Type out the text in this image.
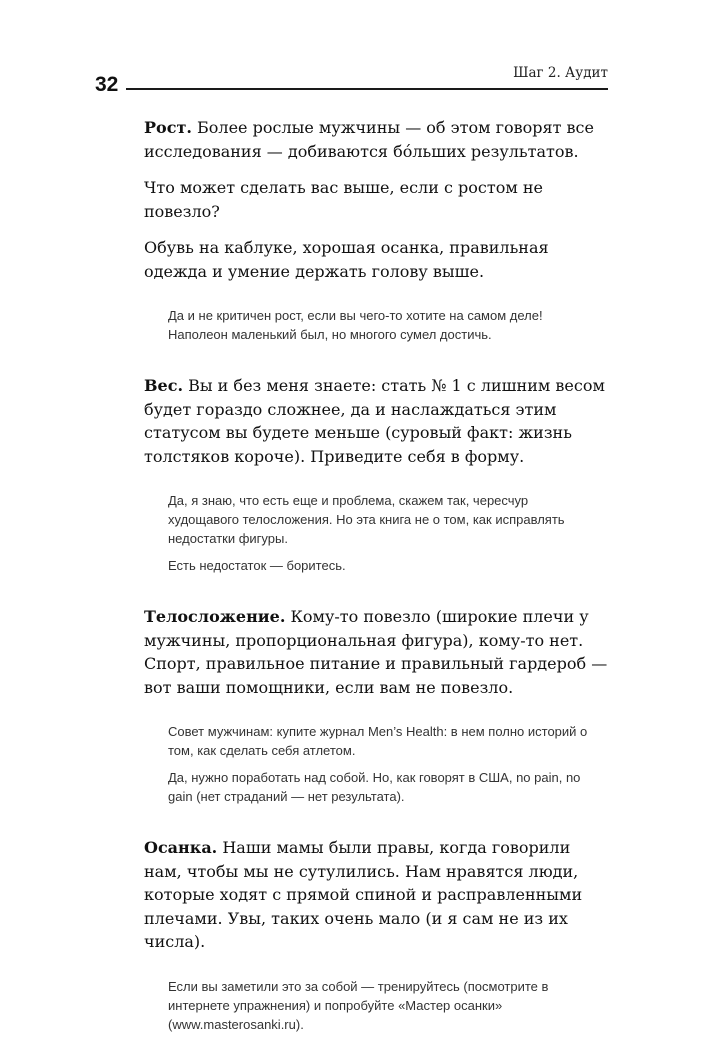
32	Шаг 2. Аудит

Рост. Более рослые мужчины — об этом говорят все исследования — добиваются бо́льших результатов.

Что может сделать вас выше, если с ростом не повезло?

Обувь на каблуке, хорошая осанка, правильная одежда и умение держать голову выше.

Да и не критичен рост, если вы чего-то хотите на самом деле! Наполеон маленький был, но многого сумел достичь.

Вес. Вы и без меня знаете: стать № 1 с лишним весом будет гораздо сложнее, да и наслаждаться этим статусом вы будете меньше (суровый факт: жизнь толстяков короче). Приведите себя в форму.

Да, я знаю, что есть еще и проблема, скажем так, чересчур худощавого телосложения. Но эта книга не о том, как исправлять недостатки фигуры.

Есть недостаток — боритесь.

Телосложение. Кому-то повезло (широкие плечи у мужчины, пропорциональная фигура), кому-то нет. Спорт, правильное питание и правильный гардероб — вот ваши помощники, если вам не повезло.

Совет мужчинам: купите журнал Men’s Health: в нем полно историй о том, как сделать себя атлетом.

Да, нужно поработать над собой. Но, как говорят в США, no pain, no gain (нет страданий — нет результата).

Осанка. Наши мамы были правы, когда говорили нам, чтобы мы не сутулились. Нам нравятся люди, которые ходят с прямой спиной и расправленными плечами. Увы, таких очень мало (и я сам не из их числа).

Если вы заметили это за собой — тренируйтесь (посмотрите в интернете упражнения) и попробуйте «Мастер осанки» (www.masterosanki.ru).
